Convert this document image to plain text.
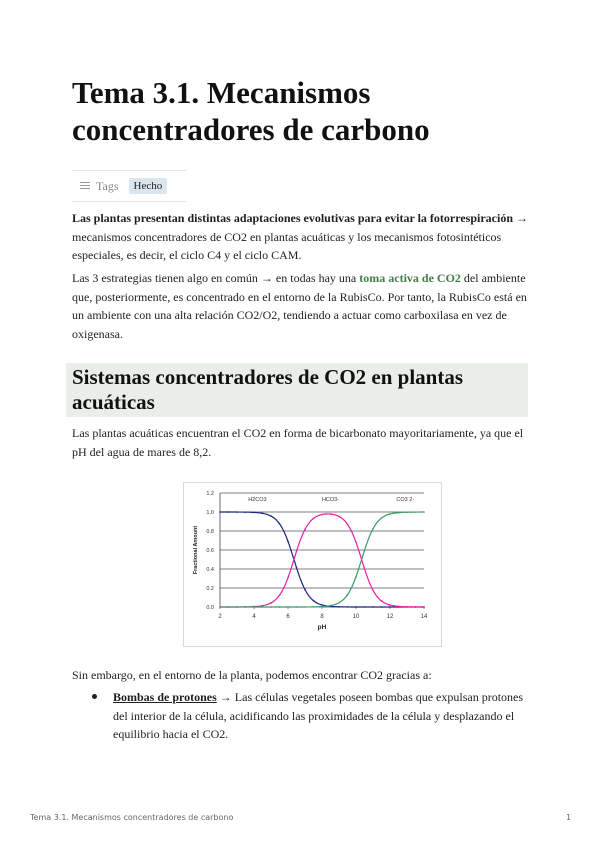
Tema 3.1. Mecanismos concentradores de carbono
Tags	Hecho

Las plantas presentan distintas adaptaciones evolutivas para evitar la fotorrespiración → mecanismos concentradores de CO2 en plantas acuáticas y los mecanismos fotosintéticos especiales, es decir, el ciclo C4 y el ciclo CAM.

Las 3 estrategias tienen algo en común → en todas hay una toma activa de CO2 del ambiente que, posteriormente, es concentrado en el entorno de la RubisCo. Por tanto, la RubisCo está en un ambiente con una alta relación CO2/O2, tendiendo a actuar como carboxilasa en vez de oxigenasa.

Sistemas concentradores de CO2 en plantas acuáticas

Las plantas acuáticas encuentran el CO2 en forma de bicarbonato mayoritariamente, ya que el pH del agua de mares de 8,2.

0.0
0.2
0.4
0.6
0.8
1.0
1.2
2	4	6	8	10	12	14
pH
Fractional Amount
H2CO3	HCO3-	CO3 2-

Sin embargo, en el entorno de la planta, podemos encontrar CO2 gracias a:

Bombas de protones → Las células vegetales poseen bombas que expulsan protones del interior de la célula, acidificando las proximidades de la célula y desplazando el equilibrio hacia el CO2.

Tema 3.1. Mecanismos concentradores de carbono	1
